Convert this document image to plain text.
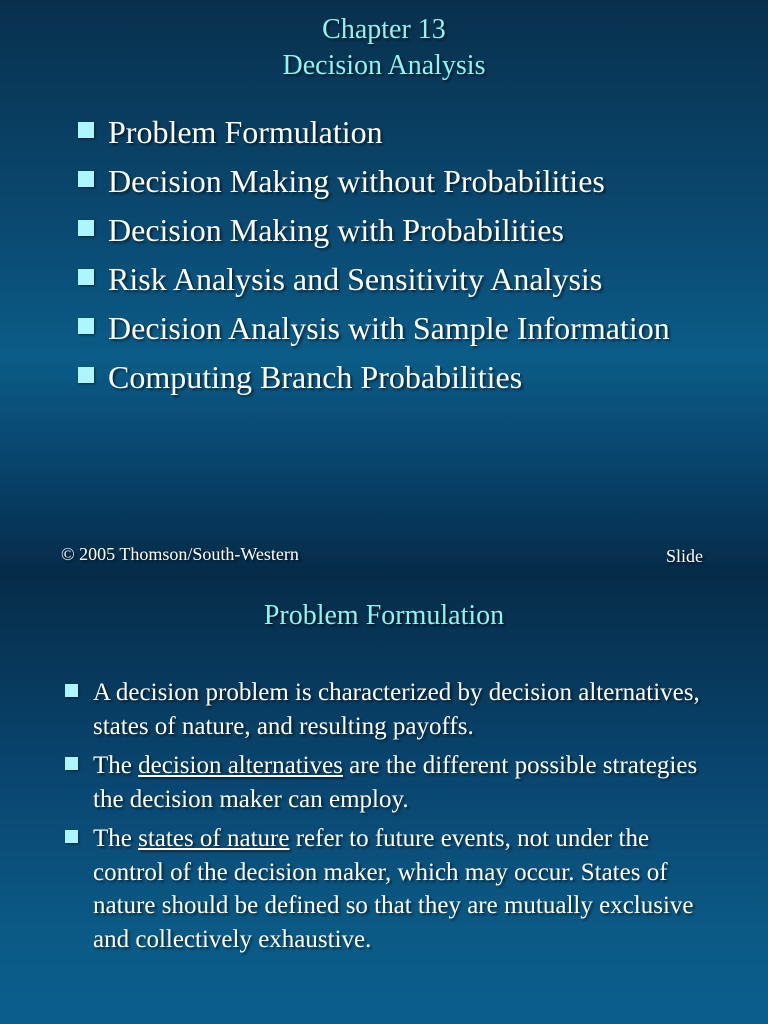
Chapter 13
Decision Analysis
Problem Formulation
Decision Making without Probabilities
Decision Making with Probabilities
Risk Analysis and Sensitivity Analysis
Decision Analysis with Sample Information
Computing Branch Probabilities
© 2005 Thomson/South-Western	Slide
Problem Formulation
A decision problem is characterized by decision alternatives, states of nature, and resulting payoffs.
The decision alternatives are the different possible strategies the decision maker can employ.
The states of nature refer to future events, not under the control of the decision maker, which may occur. States of nature should be defined so that they are mutually exclusive and collectively exhaustive.
